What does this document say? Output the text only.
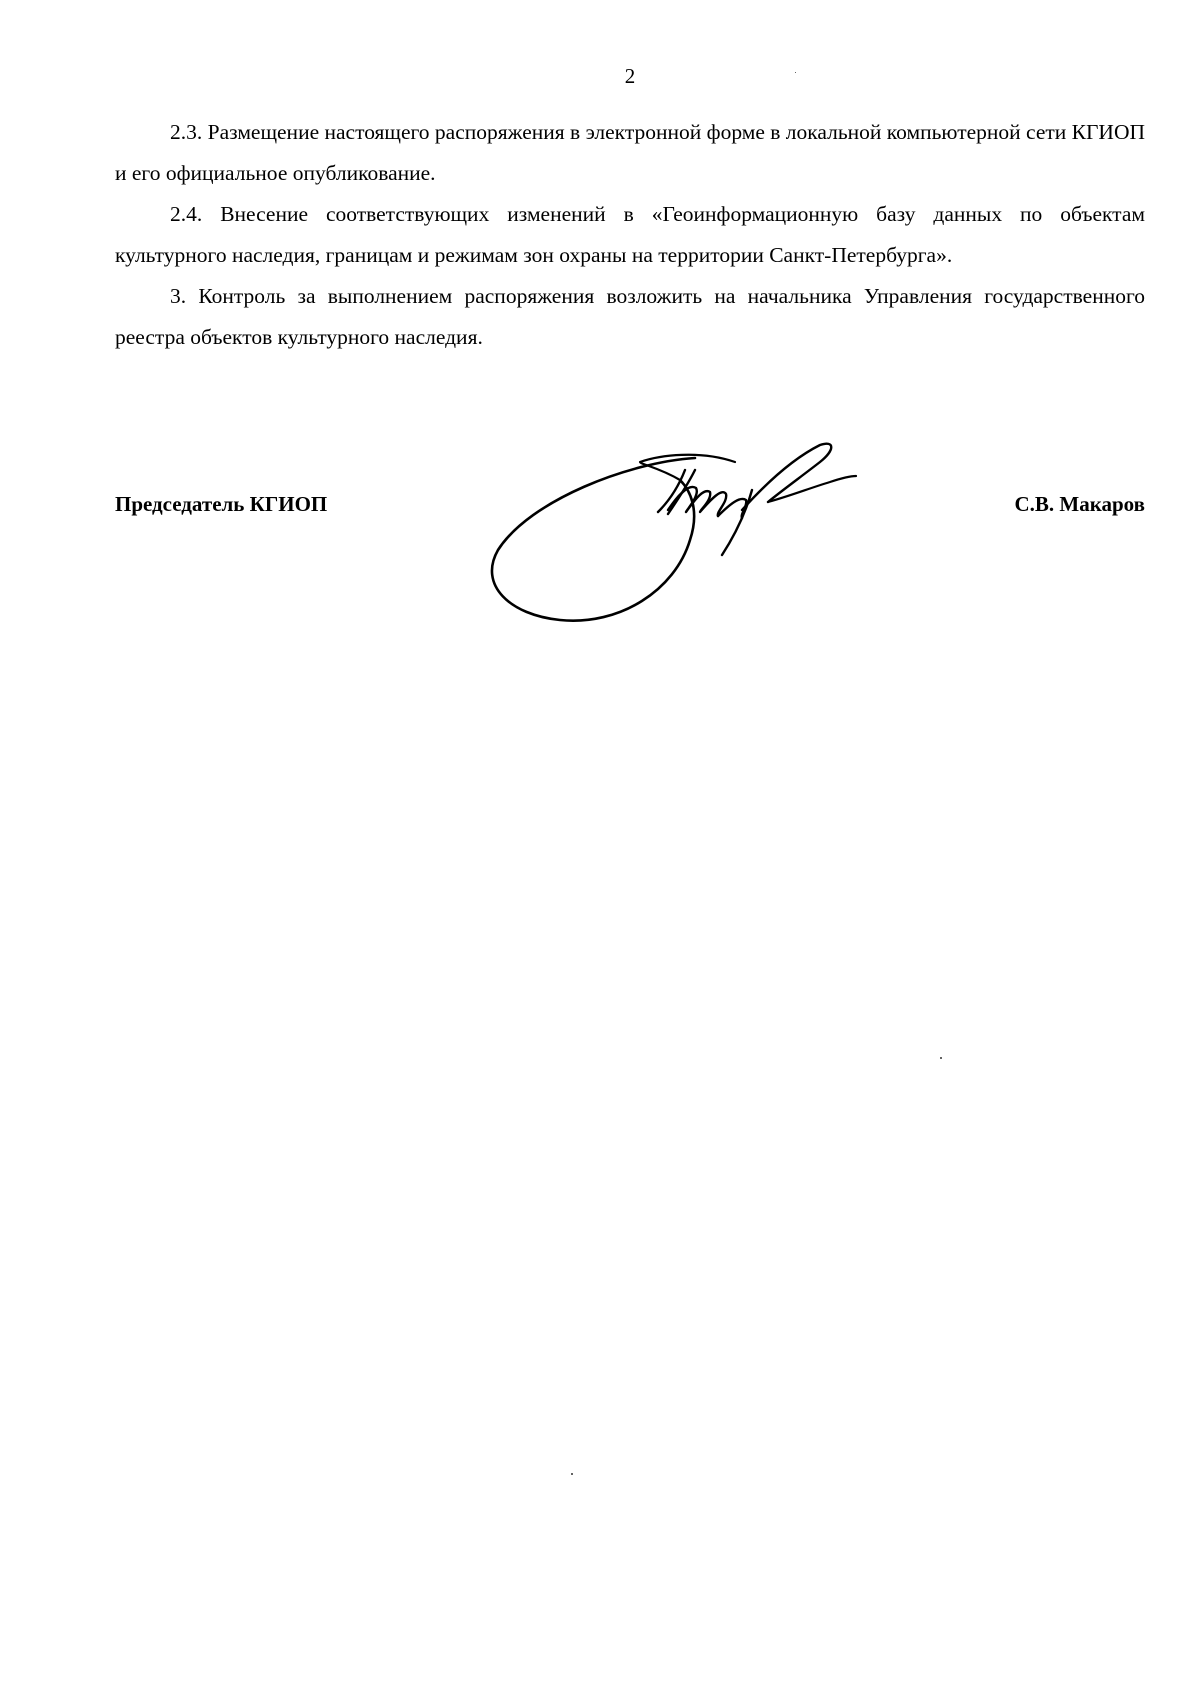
2

2.3. Размещение настоящего распоряжения в электронной форме в локальной компьютерной сети КГИОП и его официальное опубликование.

2.4. Внесение соответствующих изменений в «Геоинформационную базу данных по объектам культурного наследия, границам и режимам зон охраны на территории Санкт-Петербурга».

3. Контроль за выполнением распоряжения возложить на начальника Управления государственного реестра объектов культурного наследия.

Председатель КГИОП	С.В. Макаров
